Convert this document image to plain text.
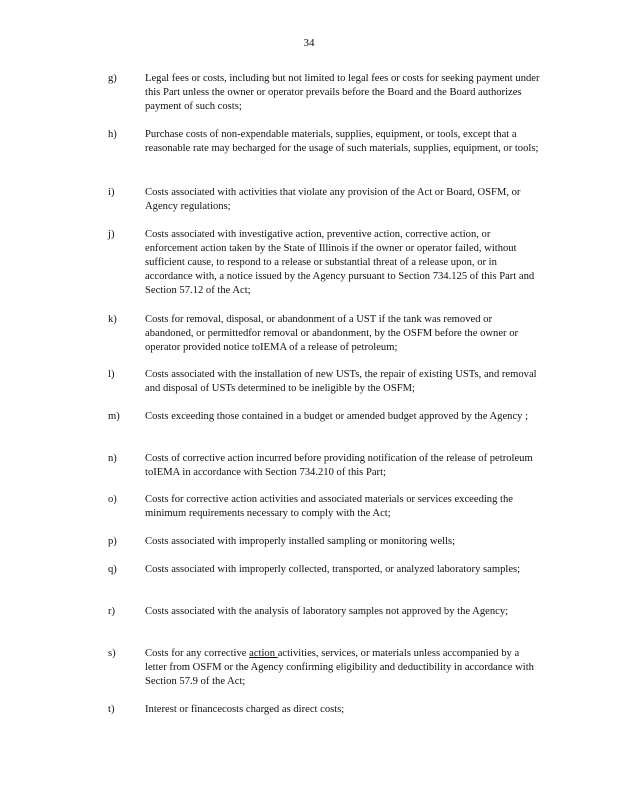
34
g)	Legal fees or costs, including but not limited to legal fees or costs for seeking payment under this Part unless the owner or operator prevails before the Board and the Board authorizes payment of such costs;
h)	Purchase costs of non-expendable materials, supplies, equipment, or tools, except that a reasonable rate may becharged for the usage of such materials, supplies, equipment, or tools;
i)	Costs associated with activities that violate any provision of the Act or Board, OSFM, or Agency regulations;
j)	Costs associated with investigative action, preventive action, corrective action, or enforcement action taken by the State of Illinois if the owner or operator failed, without sufficient cause, to respond to a release or substantial threat of a release upon, or in accordance with, a notice issued by the Agency pursuant to Section 734.125 of this Part and Section 57.12 of the Act;
k)	Costs for removal, disposal, or abandonment of a UST if the tank was removed or abandoned, or permittedfor removal or abandonment, by the OSFM before the owner or operator provided notice toIEMA of a release of petroleum;
l)	Costs associated with the installation of new USTs, the repair of existing USTs, and removal and disposal of USTs determined to be ineligible by the OSFM;
m) Costs exceeding those contained in a budget or amended budget approved by the Agency ;
n)	Costs of corrective action incurred before providing notification of the release of petroleum toIEMA in accordance with Section 734.210 of this Part;
o)	Costs for corrective action activities and associated materials or services exceeding the minimum requirements necessary to comply with the Act;
p)	Costs associated with improperly installed sampling or monitoring wells;
q)	Costs associated with improperly collected, transported, or analyzed laboratory samples;
r)	Costs associated with the analysis of laboratory samples not approved by the Agency;
s)	Costs for any corrective action activities, services, or materials unless accompanied by a letter from OSFM or the Agency confirming eligibility and deductibility in accordance with Section 57.9 of the Act;
t)	Interest or financecosts charged as direct costs;
